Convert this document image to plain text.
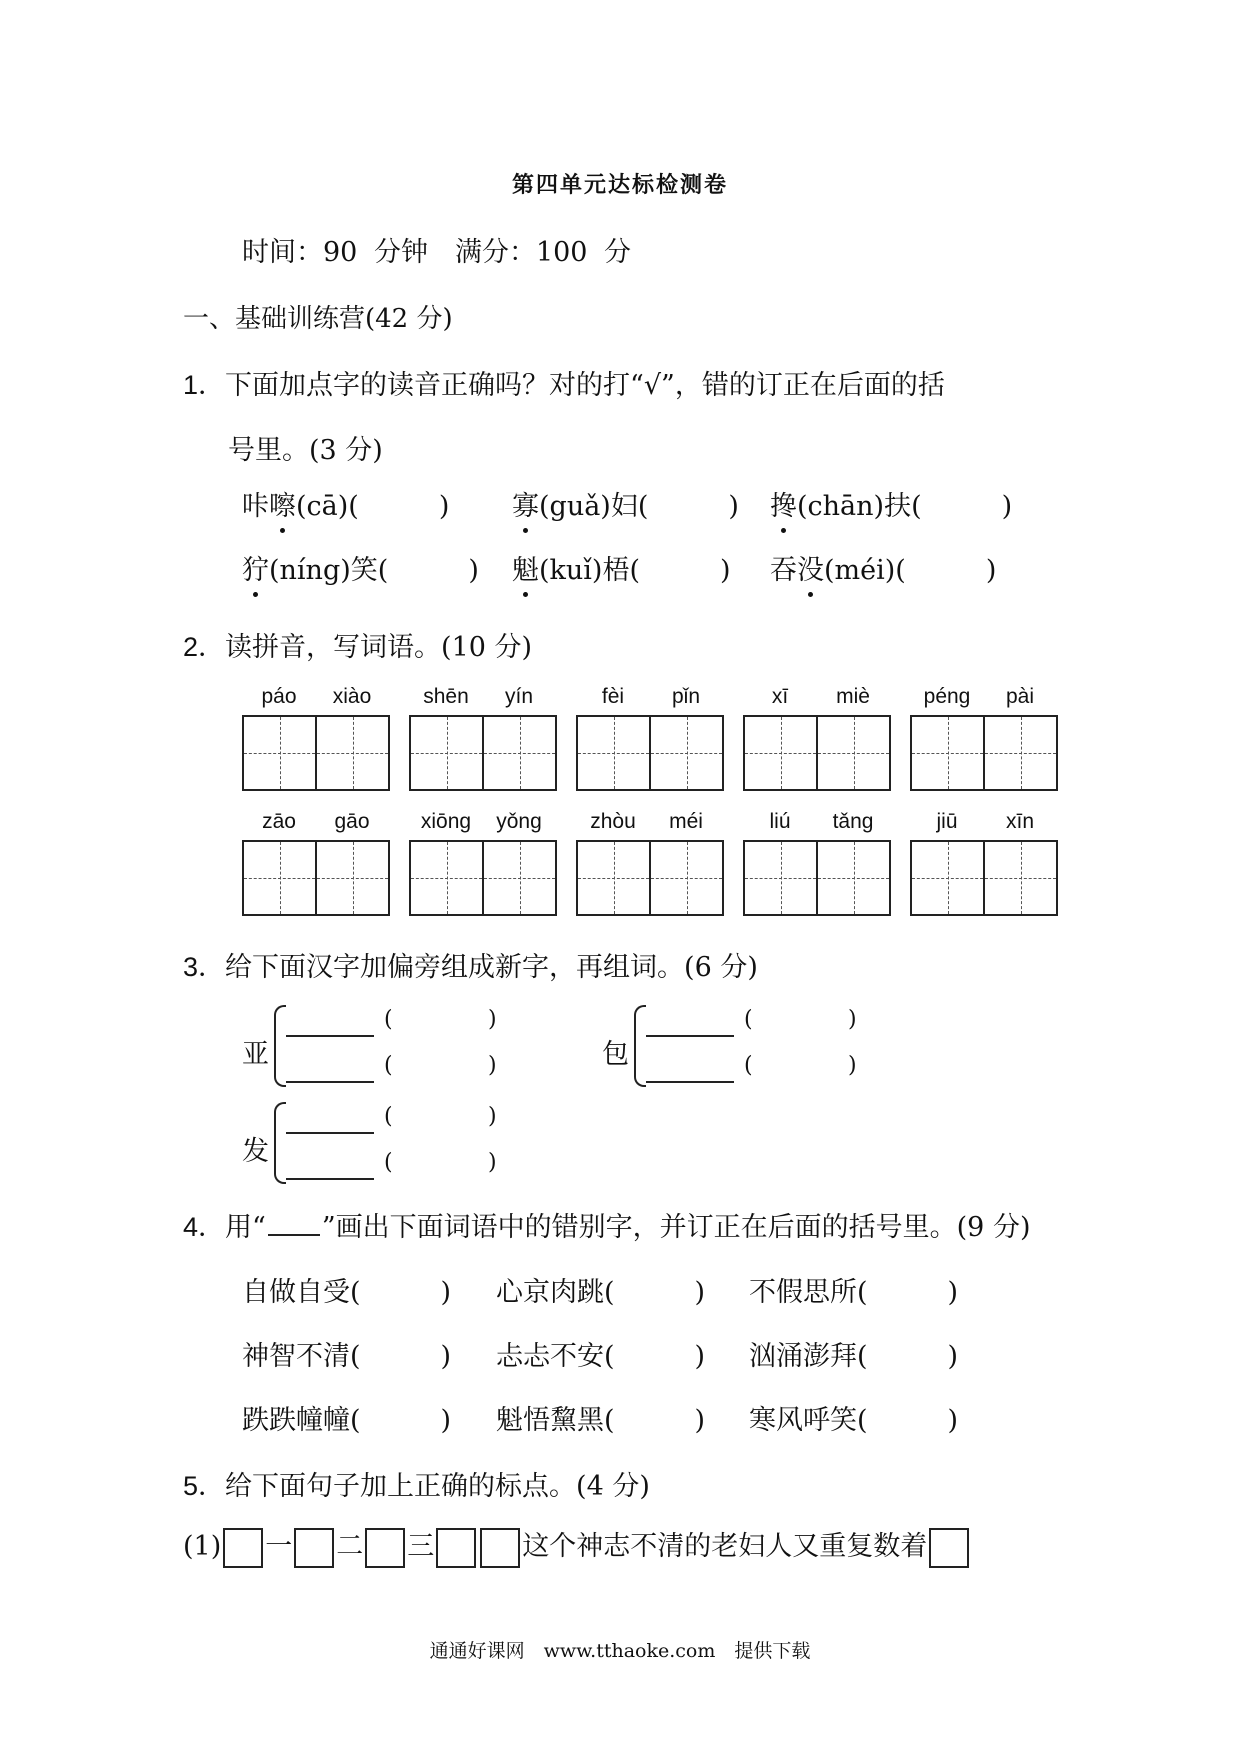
第四单元达标检测卷
时间：90 分钟　满分：100 分
一、基础训练营(42 分)
1．下面加点字的读音正确吗？对的打“√”，错的订正在后面的括
号里。(3 分)
咔嚓(cā)(	) 寡(guǎ)妇(	) 搀(chān)扶(	)
狞(níng)笑(	) 魁(kuǐ)梧(	) 吞没(méi)(	)
2．读拼音，写词语。(10 分)
páo	xiào	shēn	yín	fèi	pǐn	xī	miè	péng	pài
zāo	gāo	xiōng	yǒng	zhòu	méi	liú	tǎng	jiū	xīn
3．给下面汉字加偏旁组成新字，再组词。(6 分)
亚
(	)
(	)	包
(	)
(	)
发
(	)
(	)
4．用“ ”画出下面词语中的错别字，并订正在后面的括号里。(9 分)
自做自受(	) 心京肉跳(	) 不假思所(	)
神智不清(	) 忐忐不安(	) 汹涌澎拜(	)
跌跌幢幢(	) 魁悟黧黑(	) 寒风呼笑(	)
5．给下面句子加上正确的标点。(4 分)
(1) 一 二 三	这个神志不清的老妇人又重复数着
通通好课网　www.tthaoke.com　提供下载
